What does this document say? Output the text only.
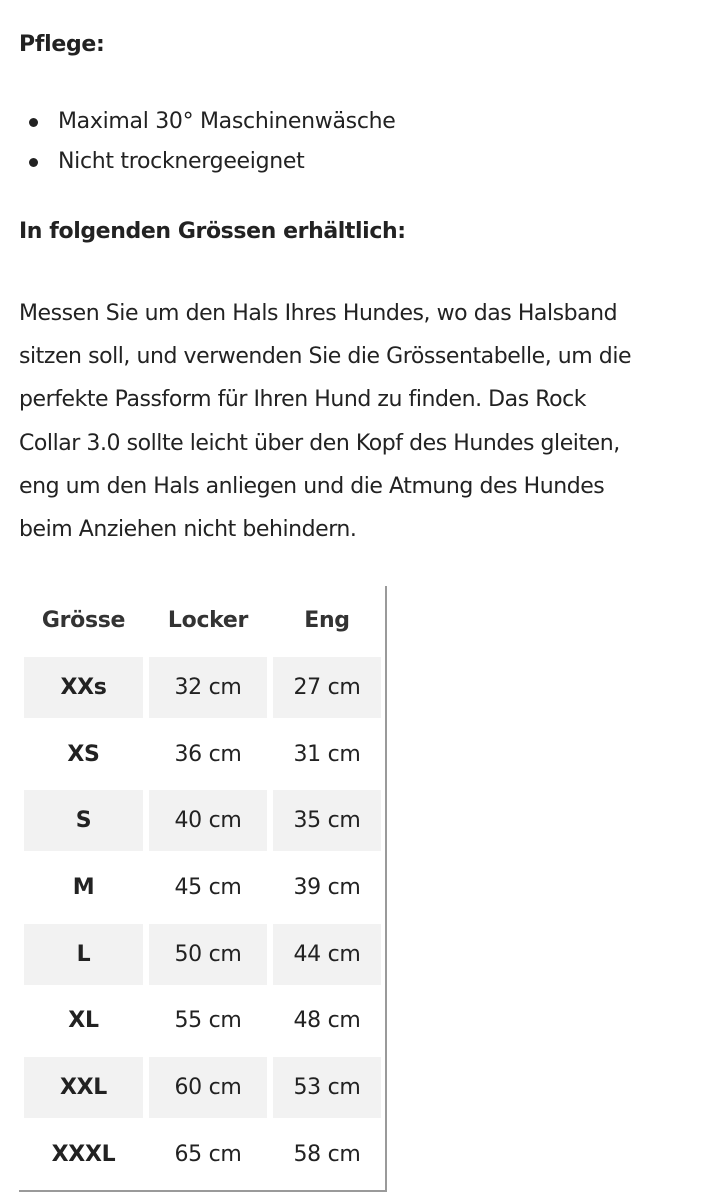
Pflege:
Maximal 30° Maschinenwäsche
Nicht trocknergeeignet
In folgenden Grössen erhältlich:

Messen Sie um den Hals Ihres Hundes, wo das Halsband
sitzen soll, und verwenden Sie die Grössentabelle, um die
perfekte Passform für Ihren Hund zu finden. Das Rock
Collar 3.0 sollte leicht über den Kopf des Hundes gleiten,
eng um den Hals anliegen und die Atmung des Hundes
beim Anziehen nicht behindern.

Grösse	Locker	Eng
XXs	32 cm	27 cm
XS	36 cm	31 cm
S	40 cm	35 cm
M	45 cm	39 cm
L	50 cm	44 cm
XL	55 cm	48 cm
XXL	60 cm	53 cm
XXXL	65 cm	58 cm
